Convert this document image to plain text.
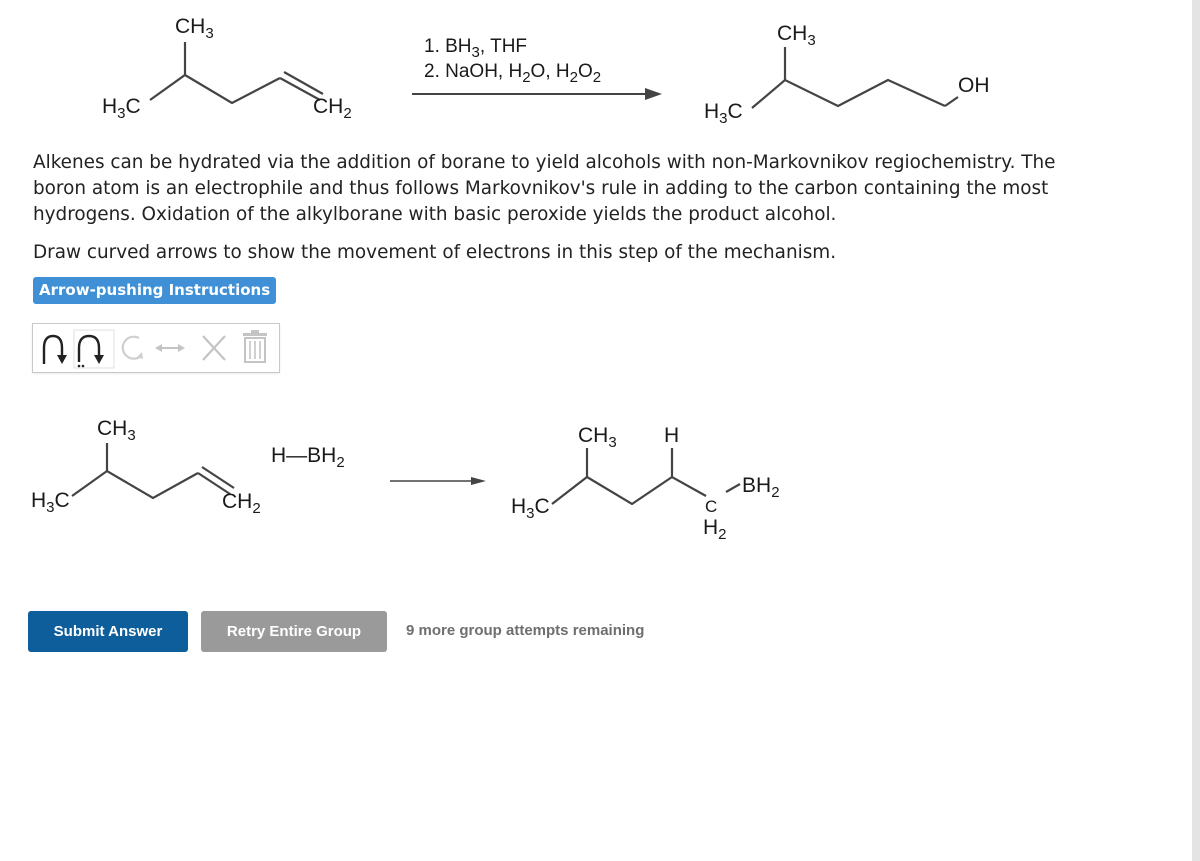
$CH_3$
$H_3C$	$CH_2$
1. $BH_3$, THF
2. NaOH, $H_2O$, $H_2O_2$
$CH_3$
$H_3C$
OH
Alkenes can be hydrated via the addition of borane to yield alcohols with non-Markovnikov regiochemistry. The
boron atom is an electrophile and thus follows Markovnikov's rule in adding to the carbon containing the most
hydrogens. Oxidation of the alkylborane with basic peroxide yields the product alcohol.
Draw curved arrows to show the movement of electrons in this step of the mechanism.
Arrow-pushing Instructions
$CH_3$
$H_3C$	$CH_2$
$H—BH_2$
$CH_3$ H
$H_3C$	C
$H_2$
$BH_2$
Submit Answer	Retry Entire Group	9 more group attempts remaining
